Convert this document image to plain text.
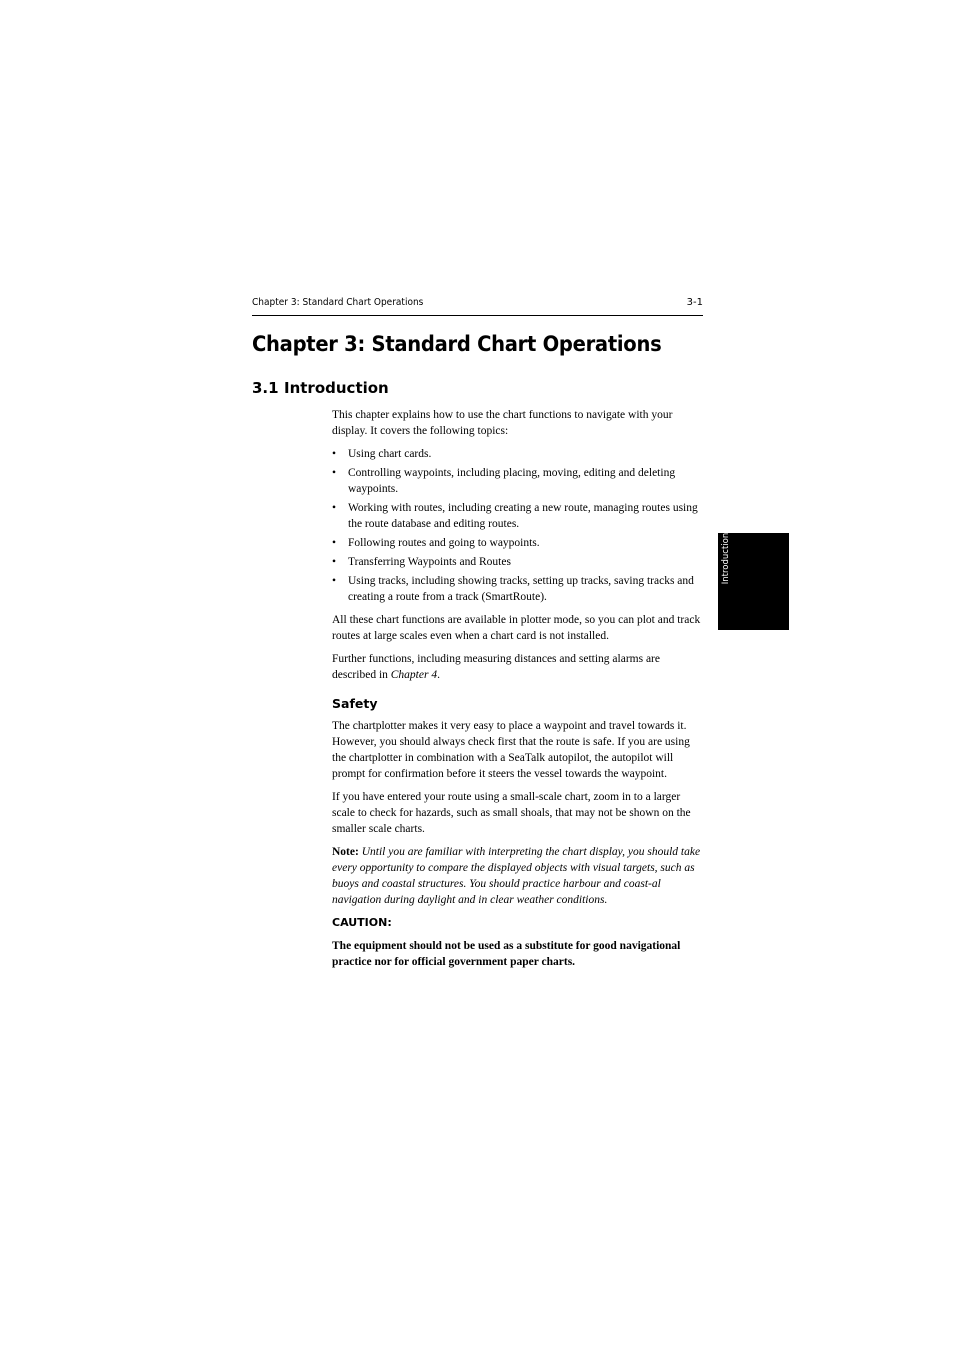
Chapter 3: Standard Chart Operations	3-1
Chapter 3: Standard Chart Operations
3.1 Introduction

This chapter explains how to use the chart functions to navigate with your display. It covers the following topics:

• Using chart cards.
• Controlling waypoints, including placing, moving, editing and deleting waypoints.
• Working with routes, including creating a new route, managing routes using the route database and editing routes.
• Following routes and going to waypoints.
• Transferring Waypoints and Routes
• Using tracks, including showing tracks, setting up tracks, saving tracks and creating a route from a track (SmartRoute).

All these chart functions are available in plotter mode, so you can plot and track routes at large scales even when a chart card is not installed.

Further functions, including measuring distances and setting alarms are described in Chapter 4.

Safety

The chartplotter makes it very easy to place a waypoint and travel towards it. However, you should always check first that the route is safe. If you are using the chartplotter in combination with a SeaTalk autopilot, the autopilot will prompt for confirmation before it steers the vessel towards the waypoint.

If you have entered your route using a small-scale chart, zoom in to a larger scale to check for hazards, such as small shoals, that may not be shown on the smaller scale charts.

Note: Until you are familiar with interpreting the chart display, you should take every opportunity to compare the displayed objects with visual targets, such as buoys and coastal structures. You should practice harbour and coast-al navigation during daylight and in clear weather conditions.

CAUTION:

The equipment should not be used as a substitute for good navigational practice nor for official government paper charts.

Introduction
